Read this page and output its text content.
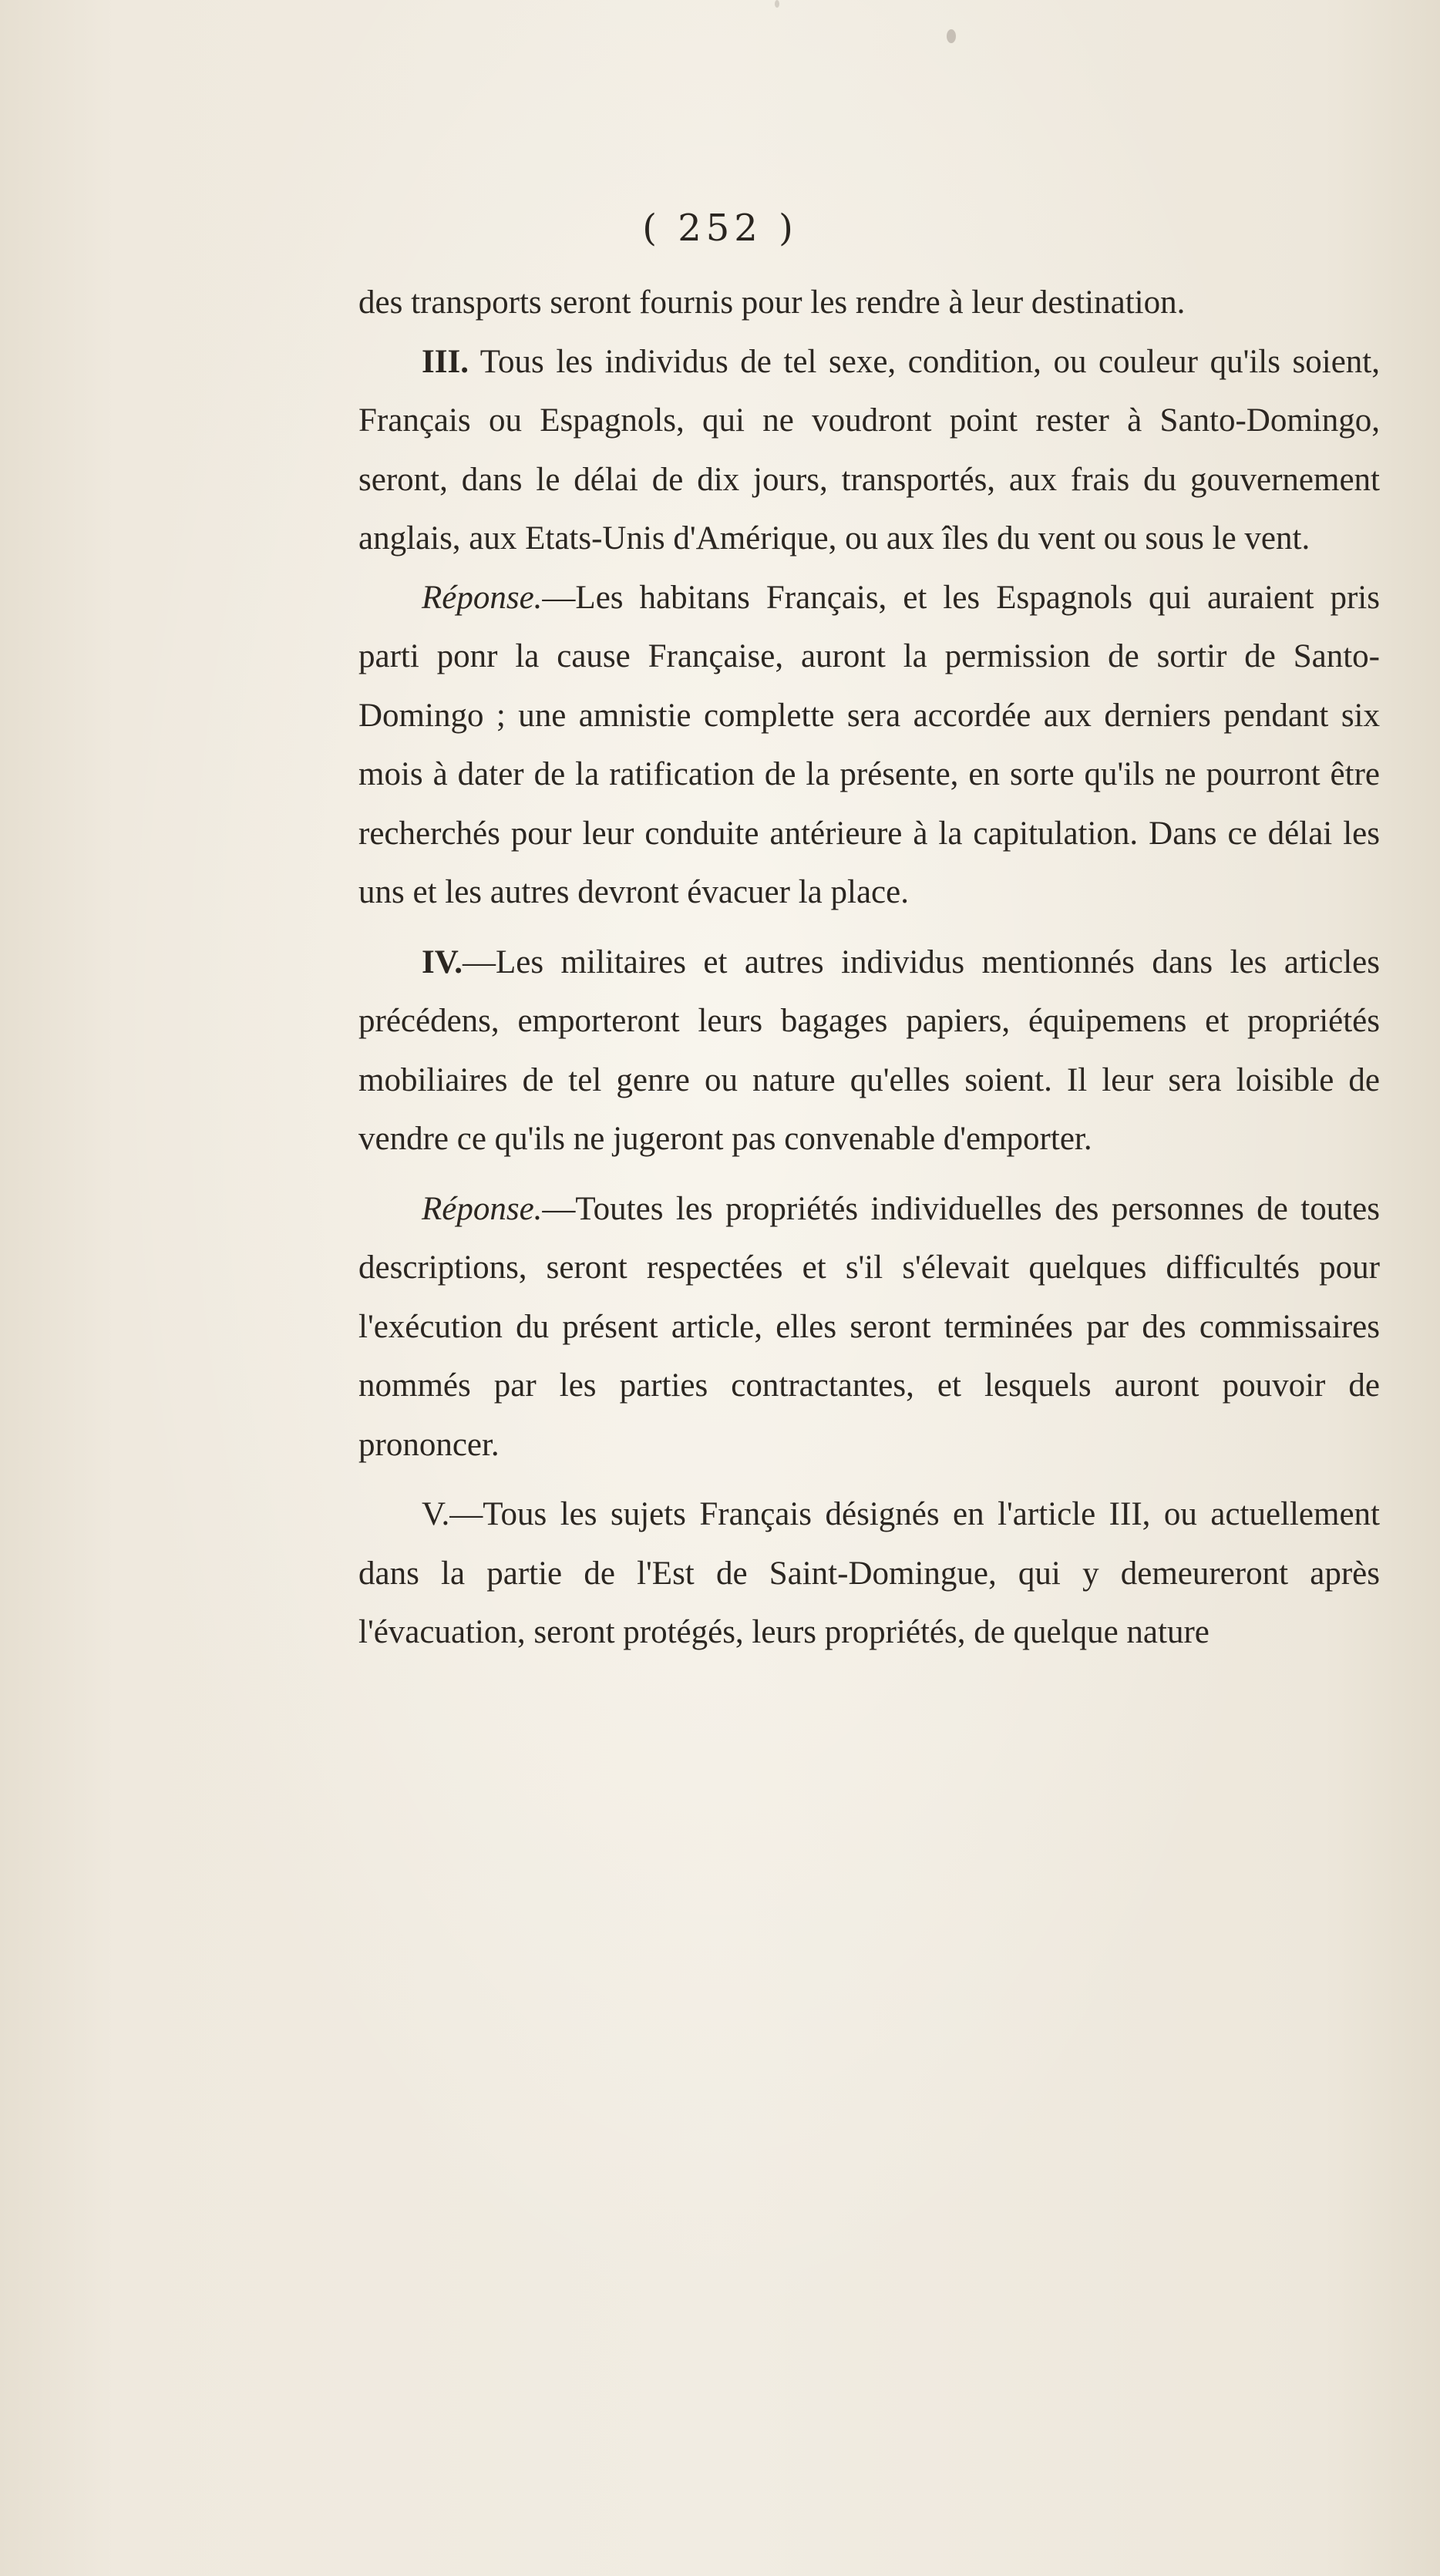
( 252 )

des transports seront fournis pour les rendre à leur destination.

III. Tous les individus de tel sexe, condition, ou couleur qu'ils soient, Français ou Espagnols, qui ne voudront point rester à Santo-Domingo, seront, dans le délai de dix jours, transportés, aux frais du gouvernement anglais, aux Etats-Unis d'Amérique, ou aux îles du vent ou sous le vent.

Réponse.—Les habitans Français, et les Espagnols qui auraient pris parti ponr la cause Française, auront la permission de sortir de Santo-Domingo ; une amnistie complette sera accordée aux derniers pendant six mois à dater de la ratification de la présente, en sorte qu'ils ne pourront être recherchés pour leur conduite antérieure à la capitulation. Dans ce délai les uns et les autres devront évacuer la place.

IV.—Les militaires et autres individus mentionnés dans les articles précédens, emporteront leurs bagages papiers, équipemens et propriétés mobiliaires de tel genre ou nature qu'elles soient. Il leur sera loisible de vendre ce qu'ils ne jugeront pas convenable d'emporter.

Réponse.—Toutes les propriétés individuelles des personnes de toutes descriptions, seront respectées et s'il s'élevait quelques difficultés pour l'exécution du présent article, elles seront terminées par des commissaires nommés par les parties contractantes, et lesquels auront pouvoir de prononcer.

V.—Tous les sujets Français désignés en l'article III, ou actuellement dans la partie de l'Est de Saint-Domingue, qui y demeureront après l'évacuation, seront protégés, leurs propriétés, de quelque nature
